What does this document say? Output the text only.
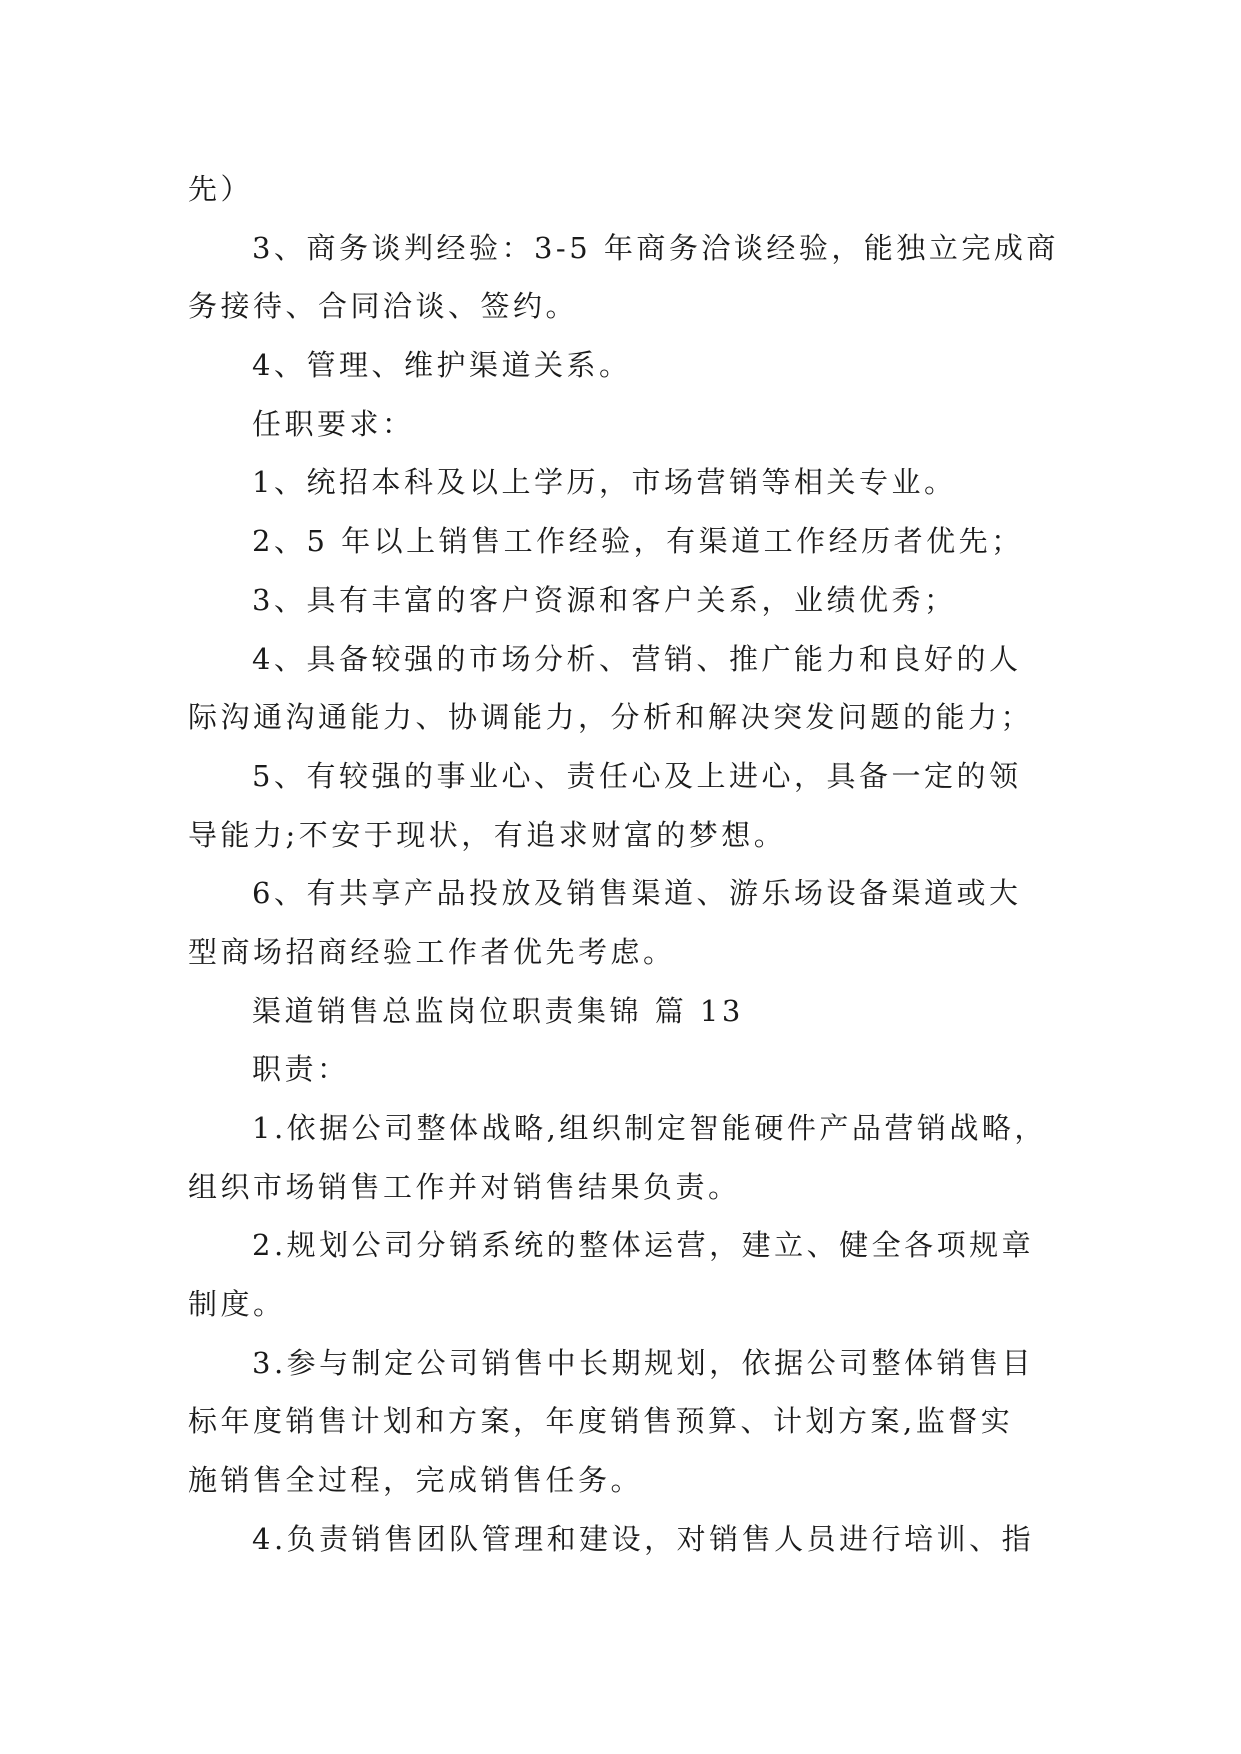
先）
3、商务谈判经验：3-5 年商务洽谈经验，能独立完成商
务接待、合同洽谈、签约。
4、管理、维护渠道关系。
任职要求：
1、统招本科及以上学历，市场营销等相关专业。
2、5 年以上销售工作经验，有渠道工作经历者优先；
3、具有丰富的客户资源和客户关系，业绩优秀；
4、具备较强的市场分析、营销、推广能力和良好的人
际沟通沟通能力、协调能力，分析和解决突发问题的能力；
5、有较强的事业心、责任心及上进心，具备一定的领
导能力;不安于现状，有追求财富的梦想。
6、有共享产品投放及销售渠道、游乐场设备渠道或大
型商场招商经验工作者优先考虑。
渠道销售总监岗位职责集锦 篇 13
职责：
1.依据公司整体战略,组织制定智能硬件产品营销战略，
组织市场销售工作并对销售结果负责。
2.规划公司分销系统的整体运营，建立、健全各项规章
制度。
3.参与制定公司销售中长期规划，依据公司整体销售目
标年度销售计划和方案，年度销售预算、计划方案,监督实
施销售全过程，完成销售任务。
4.负责销售团队管理和建设，对销售人员进行培训、指
